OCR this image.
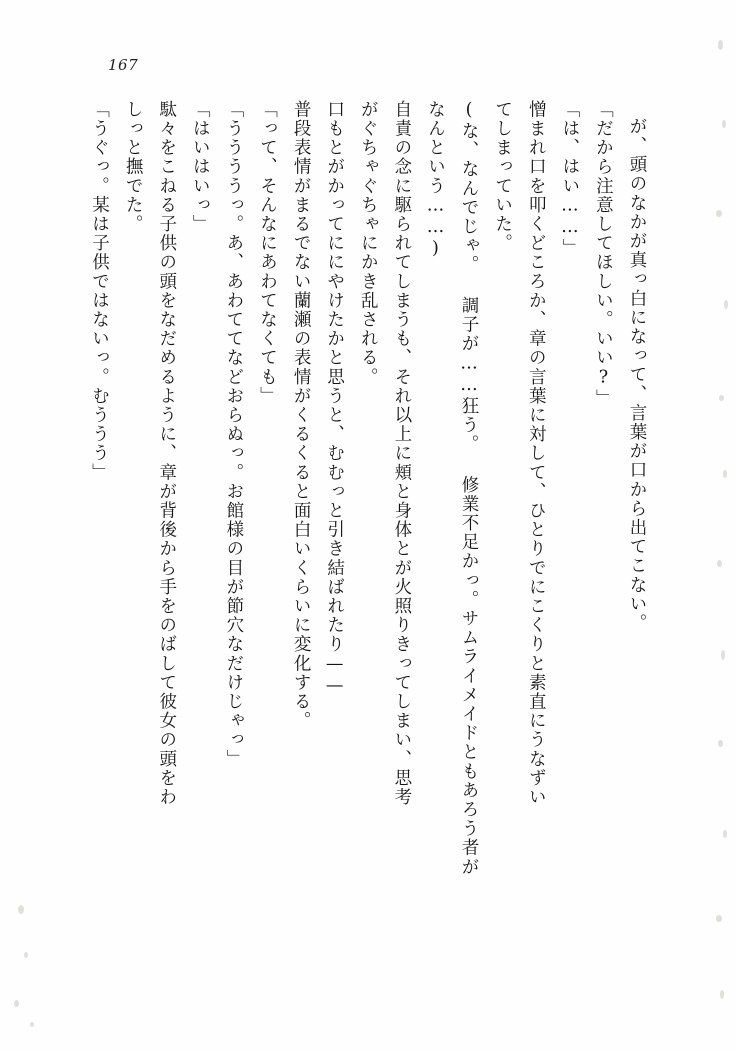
167
が、頭のなかが真っ白になって、言葉が口から出てこない。
「だから注意してほしい。いい?」
「は、はい……」
憎まれ口を叩くどころか、章の言葉に対して、ひとりでにこくりと素直にうなずい
てしまっていた。
(な、なんでじゃ。 調子が……狂う。 修業不足かっ。サムライメイドともあろう者が
なんという……)
自責の念に駆られてしまうも、それ以上に頬と身体とが火照りきってしまい、思考
がぐちゃぐちゃにかき乱される。
口もとがかってににやけたかと思うと、むむっと引き結ばれたり——
普段表情がまるでない蘭瀬の表情がくるくると面白いくらいに変化する。
「って、そんなにあわてなくても」
「ううううっ。あ、あわててなどおらぬっ。お館様の目が節穴なだけじゃっ」
「はいはいっ」
駄々をこねる子供の頭をなだめるように、章が背後から手をのばして彼女の頭をわ
しっと撫でた。
「うぐっ。某は子供ではないっ。むううう」
